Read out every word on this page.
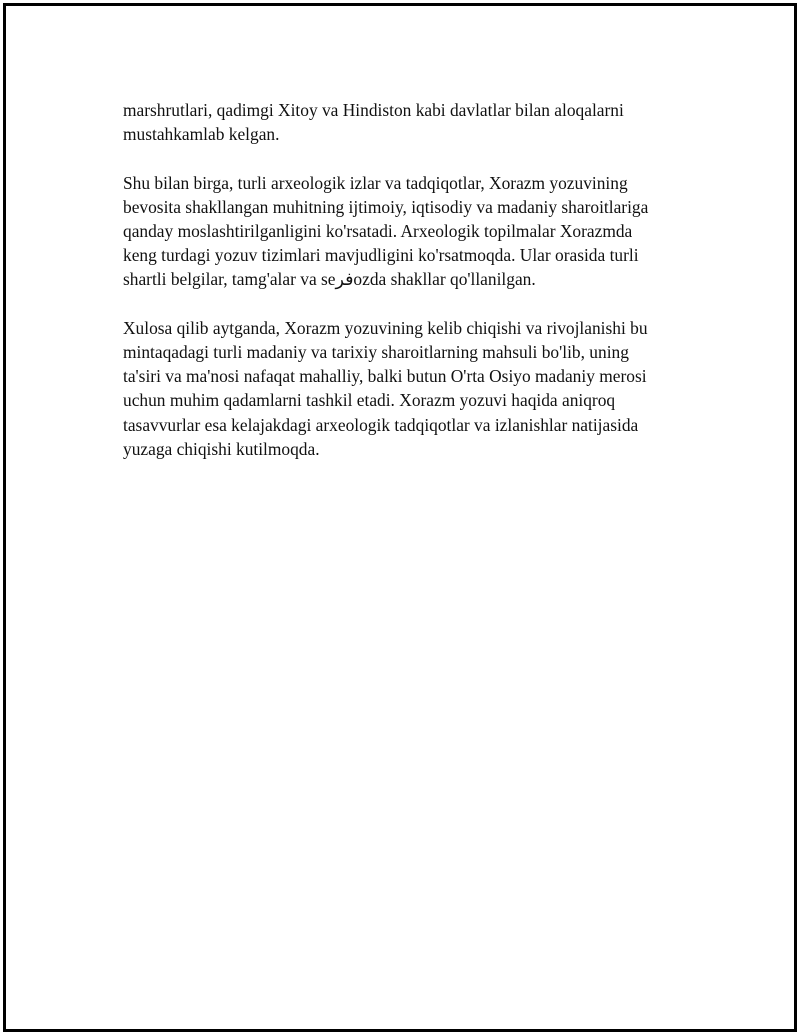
marshrutlari, qadimgi Xitoy va Hindiston kabi davlatlar bilan aloqalarni
mustahkamlab kelgan.

Shu bilan birga, turli arxeologik izlar va tadqiqotlar, Xorazm yozuvining
bevosita shakllangan muhitning ijtimoiy, iqtisodiy va madaniy sharoitlariga
qanday moslashtirilganligini ko'rsatadi. Arxeologik topilmalar Xorazmda
keng turdagi yozuv tizimlari mavjudligini ko'rsatmoqda. Ular orasida turli
shartli belgilar, tamg'alar va seفرozda shakllar qo'llanilgan.

Xulosa qilib aytganda, Xorazm yozuvining kelib chiqishi va rivojlanishi bu
mintaqadagi turli madaniy va tarixiy sharoitlarning mahsuli bo'lib, uning
ta'siri va ma'nosi nafaqat mahalliy, balki butun O'rta Osiyo madaniy merosi
uchun muhim qadamlarni tashkil etadi. Xorazm yozuvi haqida aniqroq
tasavvurlar esa kelajakdagi arxeologik tadqiqotlar va izlanishlar natijasida
yuzaga chiqishi kutilmoqda.
